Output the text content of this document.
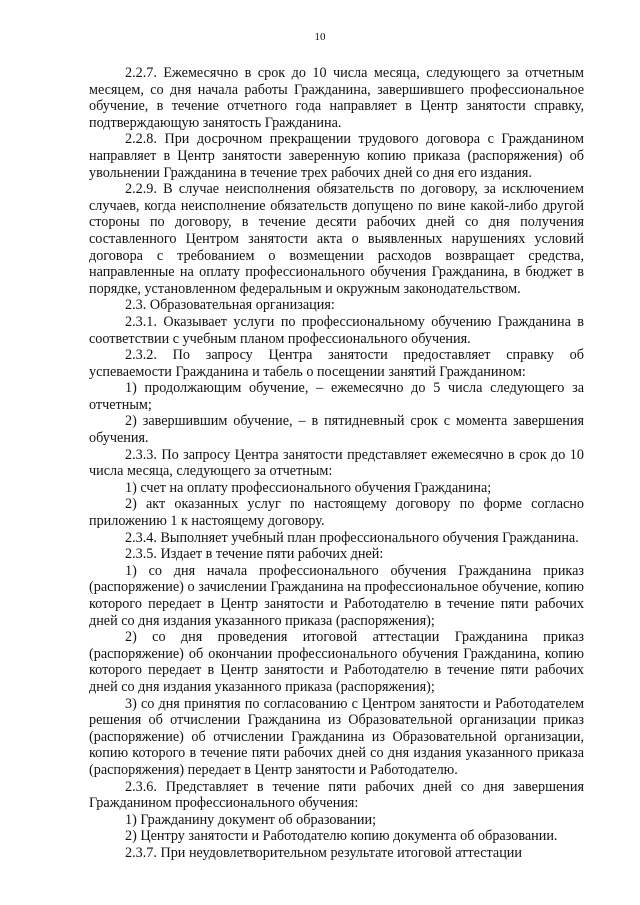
10

2.2.7. Ежемесячно в срок до 10 числа месяца, следующего за отчетным месяцем, со дня начала работы Гражданина, завершившего профессиональное обучение, в течение отчетного года направляет в Центр занятости справку, подтверждающую занятость Гражданина.

2.2.8. При досрочном прекращении трудового договора с Гражданином направляет в Центр занятости заверенную копию приказа (распоряжения) об увольнении Гражданина в течение трех рабочих дней со дня его издания.

2.2.9. В случае неисполнения обязательств по договору, за исключением случаев, когда неисполнение обязательств допущено по вине какой-либо другой стороны по договору, в течение десяти рабочих дней со дня получения составленного Центром занятости акта о выявленных нарушениях условий договора с требованием о возмещении расходов возвращает средства, направленные на оплату профессионального обучения Гражданина, в бюджет в порядке, установленном федеральным и окружным законодательством.

2.3. Образовательная организация:

2.3.1. Оказывает услуги по профессиональному обучению Гражданина в соответствии с учебным планом профессионального обучения.

2.3.2. По запросу Центра занятости предоставляет справку об успеваемости Гражданина и табель о посещении занятий Гражданином:

1) продолжающим обучение, – ежемесячно до 5 числа следующего за отчетным;

2) завершившим обучение, – в пятидневный срок с момента завершения обучения.

2.3.3. По запросу Центра занятости представляет ежемесячно в срок до 10 числа месяца, следующего за отчетным:

1) счет на оплату профессионального обучения Гражданина;

2) акт оказанных услуг по настоящему договору по форме согласно приложению 1 к настоящему договору.

2.3.4. Выполняет учебный план профессионального обучения Гражданина.

2.3.5. Издает в течение пяти рабочих дней:

1) со дня начала профессионального обучения Гражданина приказ (распоряжение) о зачислении Гражданина на профессиональное обучение, копию которого передает в Центр занятости и Работодателю в течение пяти рабочих дней со дня издания указанного приказа (распоряжения);

2) со дня проведения итоговой аттестации Гражданина приказ (распоряжение) об окончании профессионального обучения Гражданина, копию которого передает в Центр занятости и Работодателю в течение пяти рабочих дней со дня издания указанного приказа (распоряжения);

3) со дня принятия по согласованию с Центром занятости и Работодателем решения об отчислении Гражданина из Образовательной организации приказ (распоряжение) об отчислении Гражданина из Образовательной организации, копию которого в течение пяти рабочих дней со дня издания указанного приказа (распоряжения) передает в Центр занятости и Работодателю.

2.3.6. Представляет в течение пяти рабочих дней со дня завершения Гражданином профессионального обучения:

1) Гражданину документ об образовании;

2) Центру занятости и Работодателю копию документа об образовании.

2.3.7. При неудовлетворительном результате итоговой аттестации
